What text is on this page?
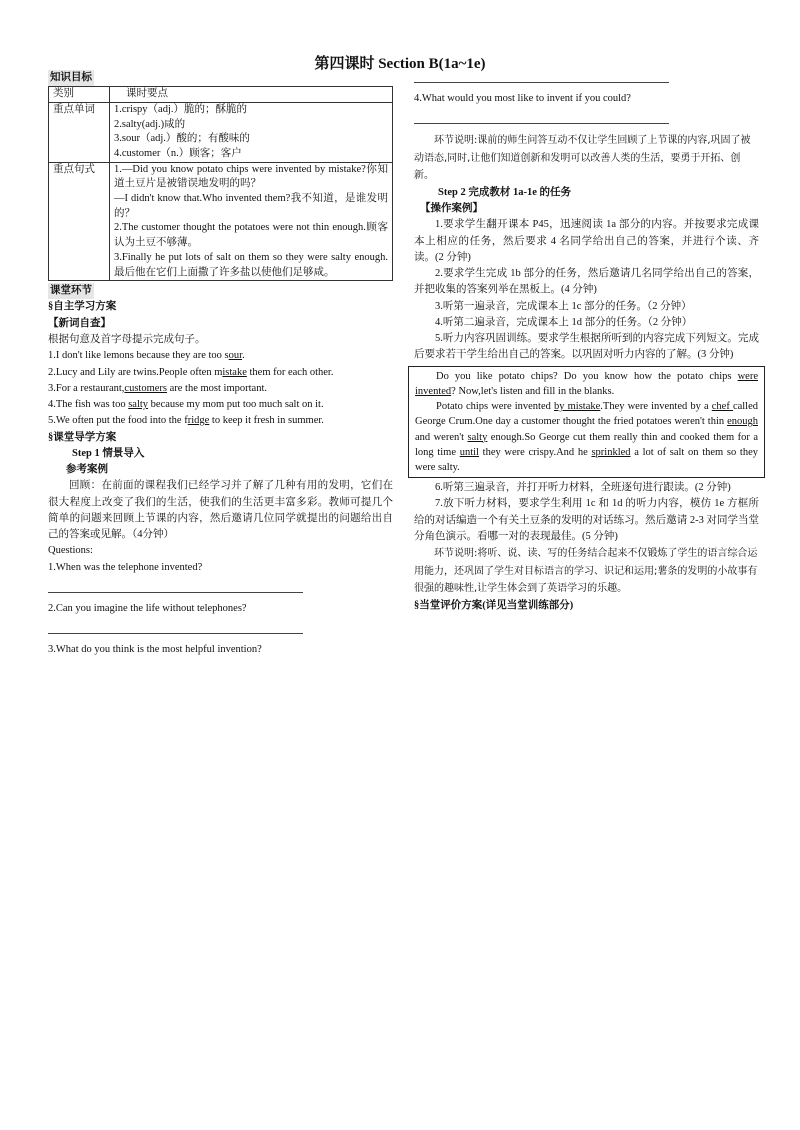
第四课时 Section B(1a~1e)
知识目标
类别	课时要点
重点单词	1.crispy（adj.）脆的；酥脆的
2.salty(adj.)咸的
3.sour（adj.）酸的；有酸味的
4.customer（n.）顾客；客户

重点句式	1.—Did you know potato chips were invented by mistake?你知道土豆片是被错误地发明的吗？
—I didn't know that.Who invented them?我不知道，是谁发明的？
2.The customer thought the potatoes were not thin enough.顾客认为土豆不够薄。
3.Finally he put lots of salt on them so they were salty enough.最后他在它们上面撒了许多盐以使他们足够咸。
课堂环节
§自主学习方案
【新词自查】
根据句意及首字母提示完成句子。
1.I don't like lemons because they are too sour.
2.Lucy and Lily are twins.People often mistake them for each other.
3.For a restaurant,customers are the most important.
4.The fish was too salty because my mom put too much salt on it.
5.We often put the food into the fridge to keep it fresh in summer.
§课堂导学方案
Step 1 情景导入
参考案例
回顾：在前面的课程我们已经学习并了解了几种有用的发明，它们在很大程度上改变了我们的生活，使我们的生活更丰富多彩。教师可提几个简单的问题来回顾上节课的内容，然后邀请几位同学就提出的问题给出自己的答案或见解。（4分钟）
Questions:
1.When was the telephone invented?
2.Can you imagine the life without telephones?
3.What do you think is the most helpful invention?
4.What would you most like to invent if you could?
环节说明:课前的师生问答互动不仅让学生回顾了上节课的内容,巩固了被动语态,同时,让他们知道创新和发明可以改善人类的生活，要勇于开拓、创新。
Step 2 完成教材 1a-1e 的任务
【操作案例】
1.要求学生翻开课本 P45，迅速阅读 1a 部分的内容。并按要求完成课本上相应的任务，然后要求 4 名同学给出自己的答案，并进行个读、齐读。(2 分钟)
2.要求学生完成 1b 部分的任务，然后邀请几名同学给出自己的答案，并把收集的答案列举在黑板上。(4 分钟)
3.听第一遍录音，完成课本上 1c 部分的任务。（2 分钟）
4.听第二遍录音，完成课本上 1d 部分的任务。（2 分钟）
5.听力内容巩固训练。要求学生根据所听到的内容完成下列短文。完成后要求若干学生给出自己的答案。以巩固对听力内容的了解。(3 分钟)
Do you like potato chips? Do you know how the potato chips were invented? Now,let's listen and fill in the blanks.
Potato chips were invented by mistake.They were invented by a chef called George Crum.One day a customer thought the fried potatoes weren't thin enough and weren't salty enough.So George cut them really thin and cooked them for a long time until they were crispy.And he sprinkled a lot of salt on them so they were salty.
6.听第三遍录音，并打开听力材料，全班逐句进行跟读。(2 分钟)
7.放下听力材料，要求学生利用 1c 和 1d 的听力内容，模仿 1e 方框所给的对话编造一个有关土豆条的发明的对话练习。然后邀请 2-3 对同学当堂分角色演示。看哪一对的表现最佳。(5 分钟)
环节说明:将听、说、读、写的任务结合起来不仅锻炼了学生的语言综合运用能力，还巩固了学生对目标语言的学习、识记和运用;薯条的发明的小故事有很强的趣味性,让学生体会到了英语学习的乐趣。
§当堂评价方案(详见当堂训练部分)
